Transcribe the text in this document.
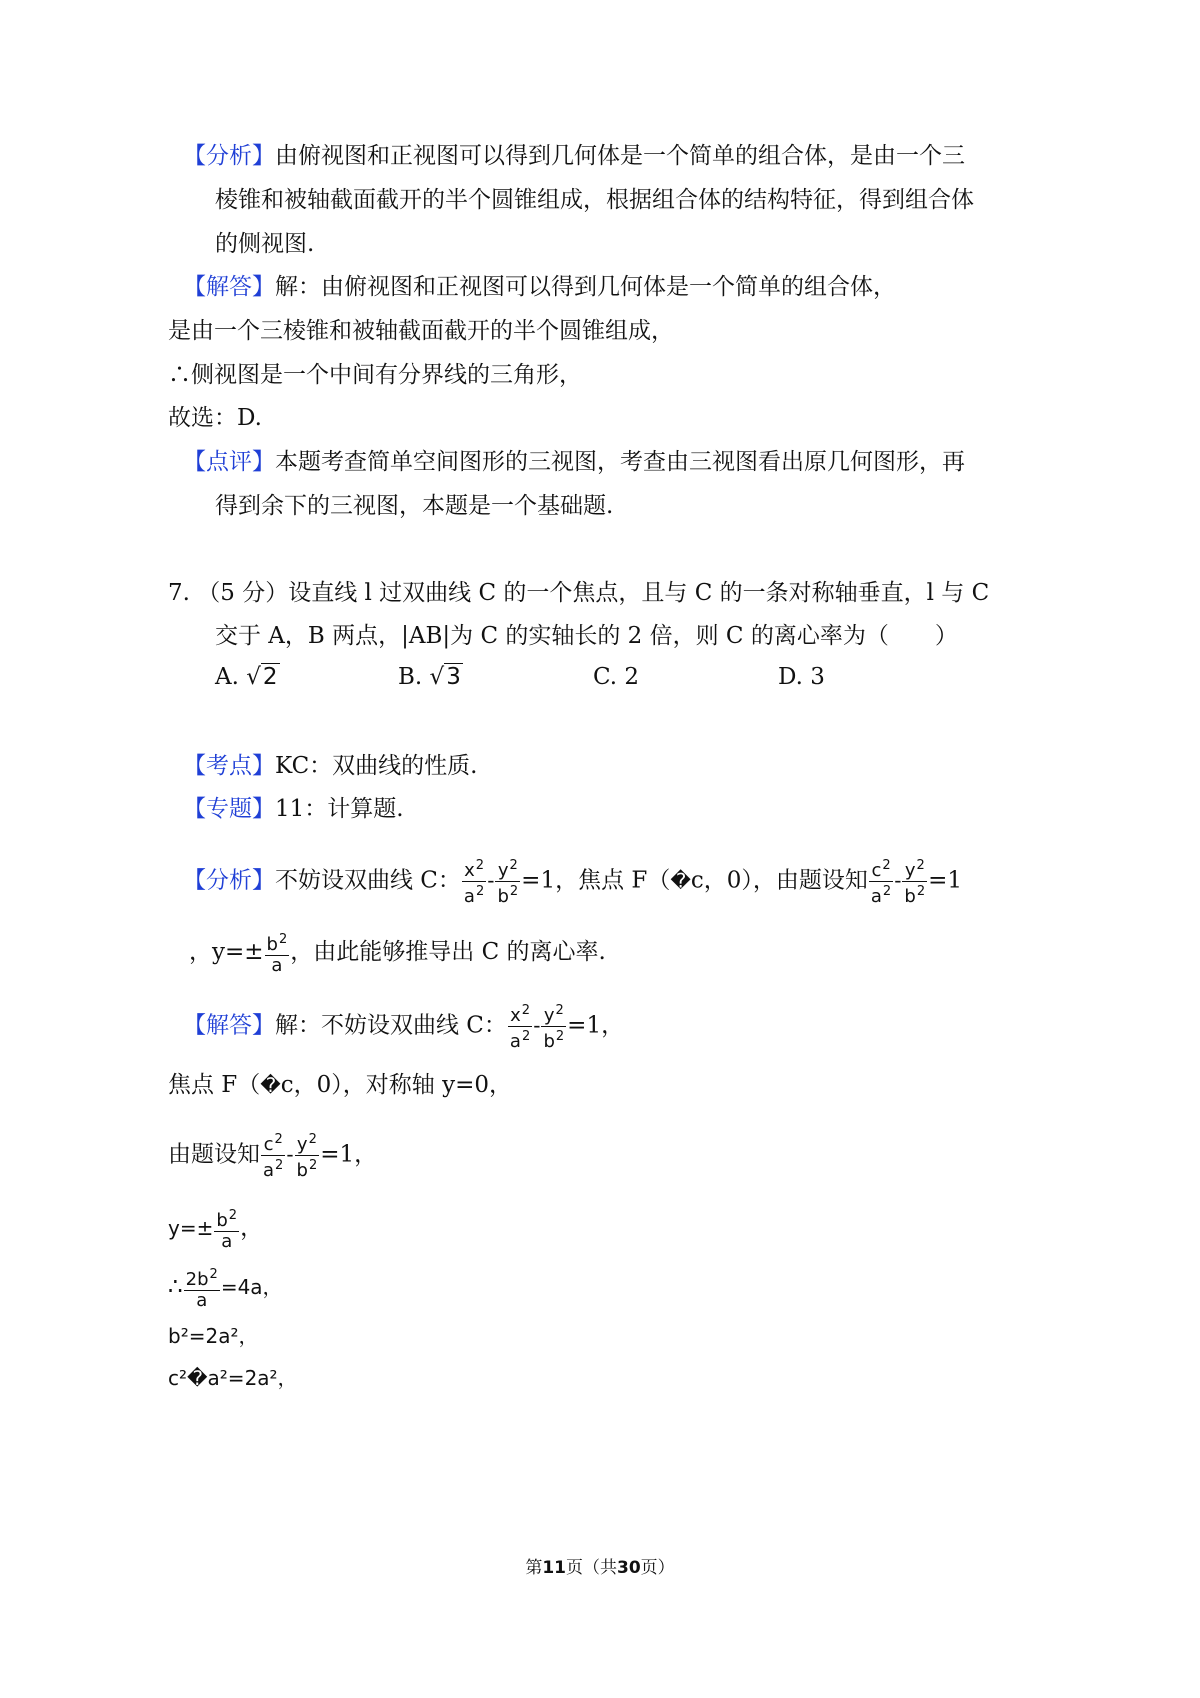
【分析】由俯视图和正视图可以得到几何体是一个简单的组合体，是由一个三
棱锥和被轴截面截开的半个圆锥组成，根据组合体的结构特征，得到组合体
的侧视图.
【解答】解：由俯视图和正视图可以得到几何体是一个简单的组合体，
是由一个三棱锥和被轴截面截开的半个圆锥组成，
∴侧视图是一个中间有分界线的三角形，
故选：D.
【点评】本题考查简单空间图形的三视图，考查由三视图看出原几何图形，再
得到余下的三视图，本题是一个基础题.
7. （5 分）设直线 l 过双曲线 C 的一个焦点，且与 C 的一条对称轴垂直，l 与 C
交于 A，B 两点，|AB|为 C 的实轴长的 2 倍，则 C 的离心率为（　　）
A. √2	B. √3	C. 2	D. 3
【考点】KC：双曲线的性质.
【专题】11：计算题.
【分析】不妨设双曲线 C： $\frac{x^2}{a^2} - \frac{y^2}{b^2} =1$，焦点 F（�c，0），由题设知 $\frac{c^2}{a^2} - \frac{y^2}{b^2} =1$
，$y=\pm \frac{b^2}{a}$ ，由此能够推导出 C 的离心率.
【解答】解：不妨设双曲线 C： $\frac{x^2}{a^2} - \frac{y^2}{b^2} =1$，
焦点 F（�c，0），对称轴 y=0，
由题设知 $\frac{c^2}{a^2} - \frac{y^2}{b^2} =1$，
$y=\pm \frac{b^2}{a}$ ，
∴ $\frac{2b^2}{a} =4a$，
b²=2a²，
c²�a²=2a²，
第11页（共30页）
